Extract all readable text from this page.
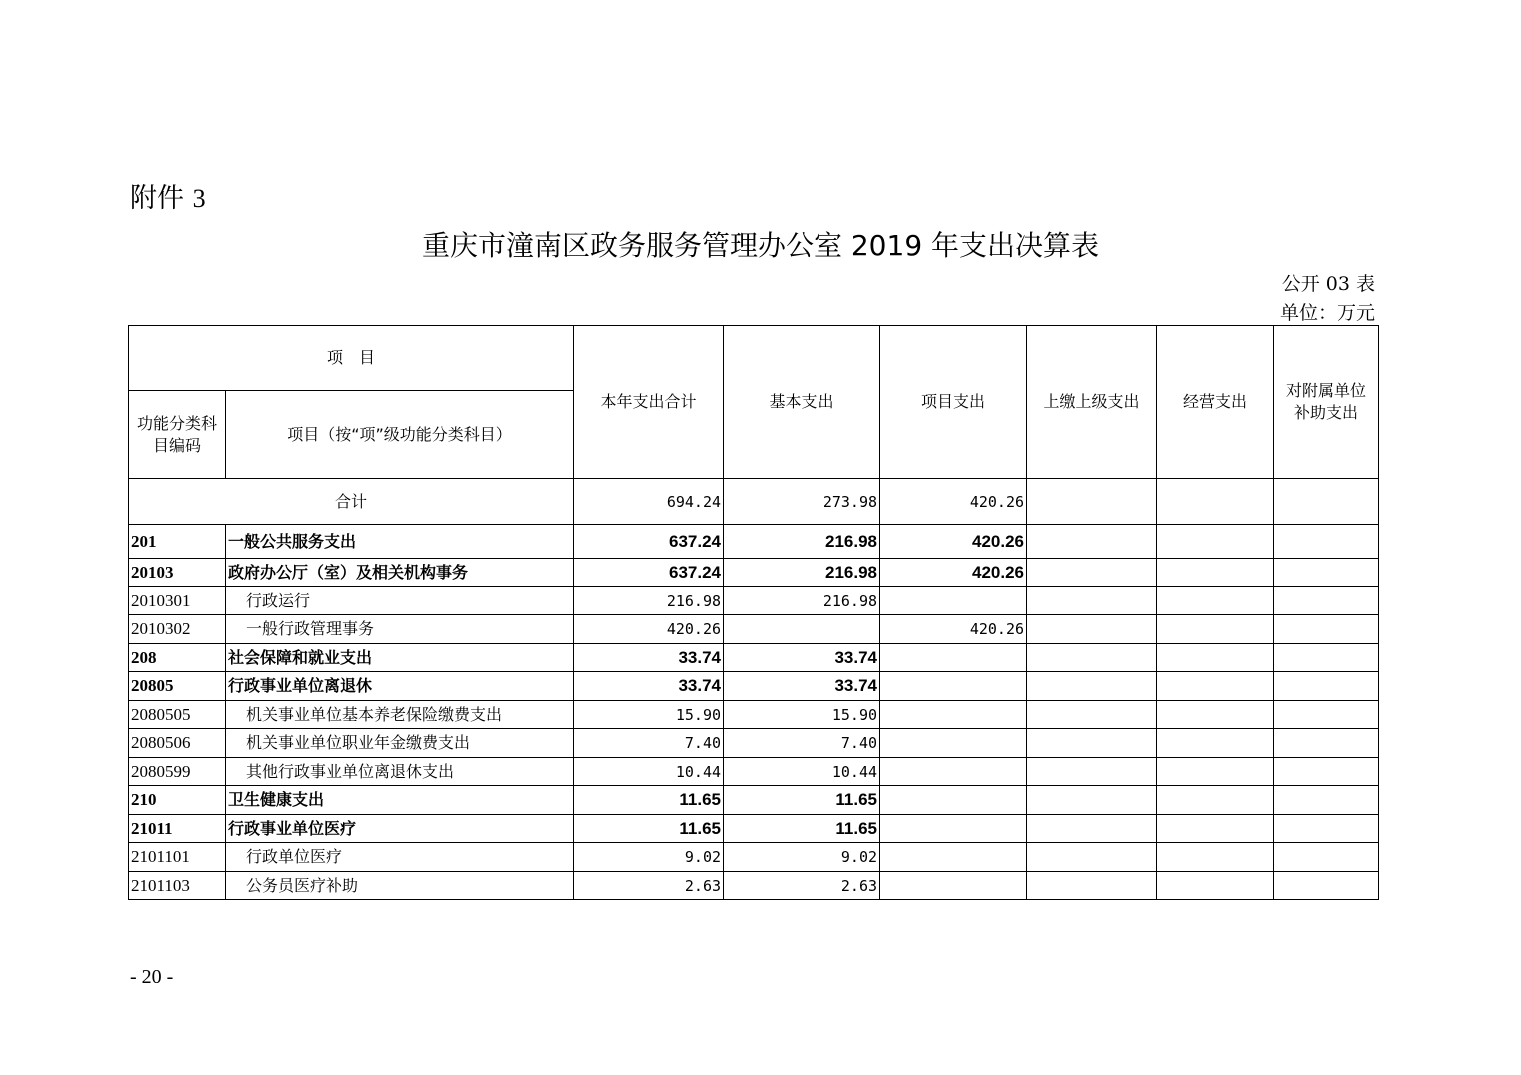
附件 3
重庆市潼南区政务服务管理办公室 2019 年支出决算表
公开 03 表
单位：万元
项　目		本年支出合计	基本支出	项目支出	上缴上级支出	经营支出	对附属单位补助支出
功能分类科目编码	项目（按“项”级功能分类科目）						
合计		694.24	273.98	420.26			
201	一般公共服务支出	637.24	216.98	420.26			
20103	政府办公厅（室）及相关机构事务	637.24	216.98	420.26			
2010301	行政运行	216.98	216.98				
2010302	一般行政管理事务	420.26		420.26			
208	社会保障和就业支出	33.74	33.74				
20805	行政事业单位离退休	33.74	33.74				
2080505	机关事业单位基本养老保险缴费支出	15.90	15.90				
2080506	机关事业单位职业年金缴费支出	7.40	7.40				
2080599	其他行政事业单位离退休支出	10.44	10.44				
210	卫生健康支出	11.65	11.65				
21011	行政事业单位医疗	11.65	11.65				
2101101	行政单位医疗	9.02	9.02				
2101103	公务员医疗补助	2.63	2.63				
- 20 -
